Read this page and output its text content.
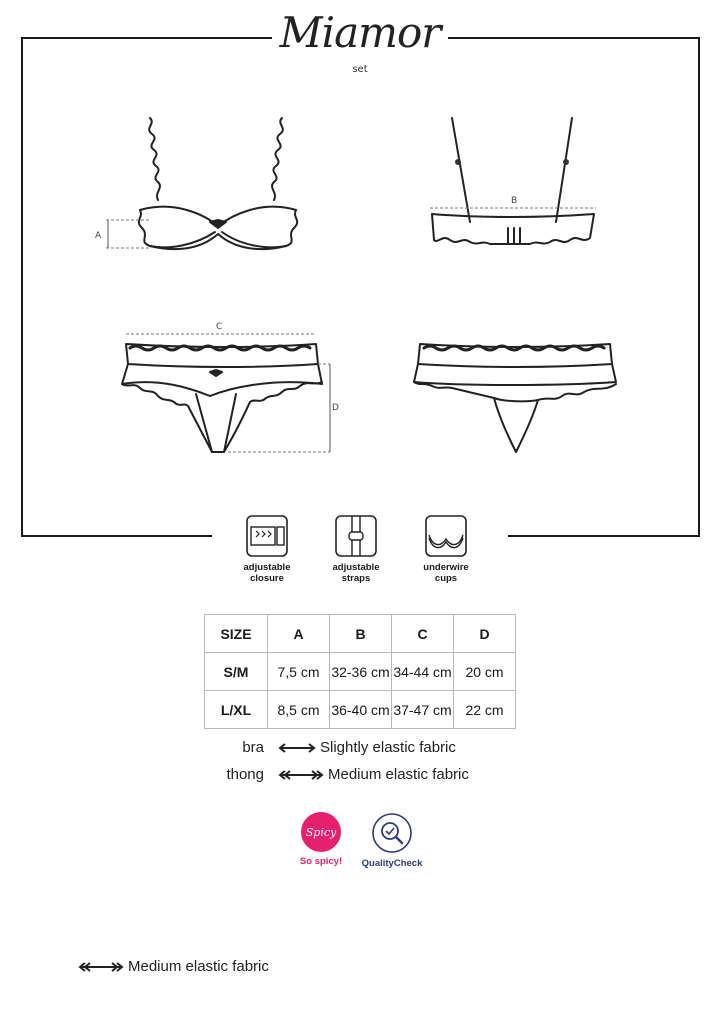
Miamor
set
A
B
C
D
adjustable
closure
adjustable
straps
underwire
cups
SIZE	A	B	C	D
S/M	7,5 cm	32-36 cm	34-44 cm	20 cm
L/XL	8,5 cm	36-40 cm	37-47 cm	22 cm
bra	Slightly elastic fabric
thong	Medium elastic fabric
Spicy
So spicy!	QualityCheck
Medium elastic fabric
